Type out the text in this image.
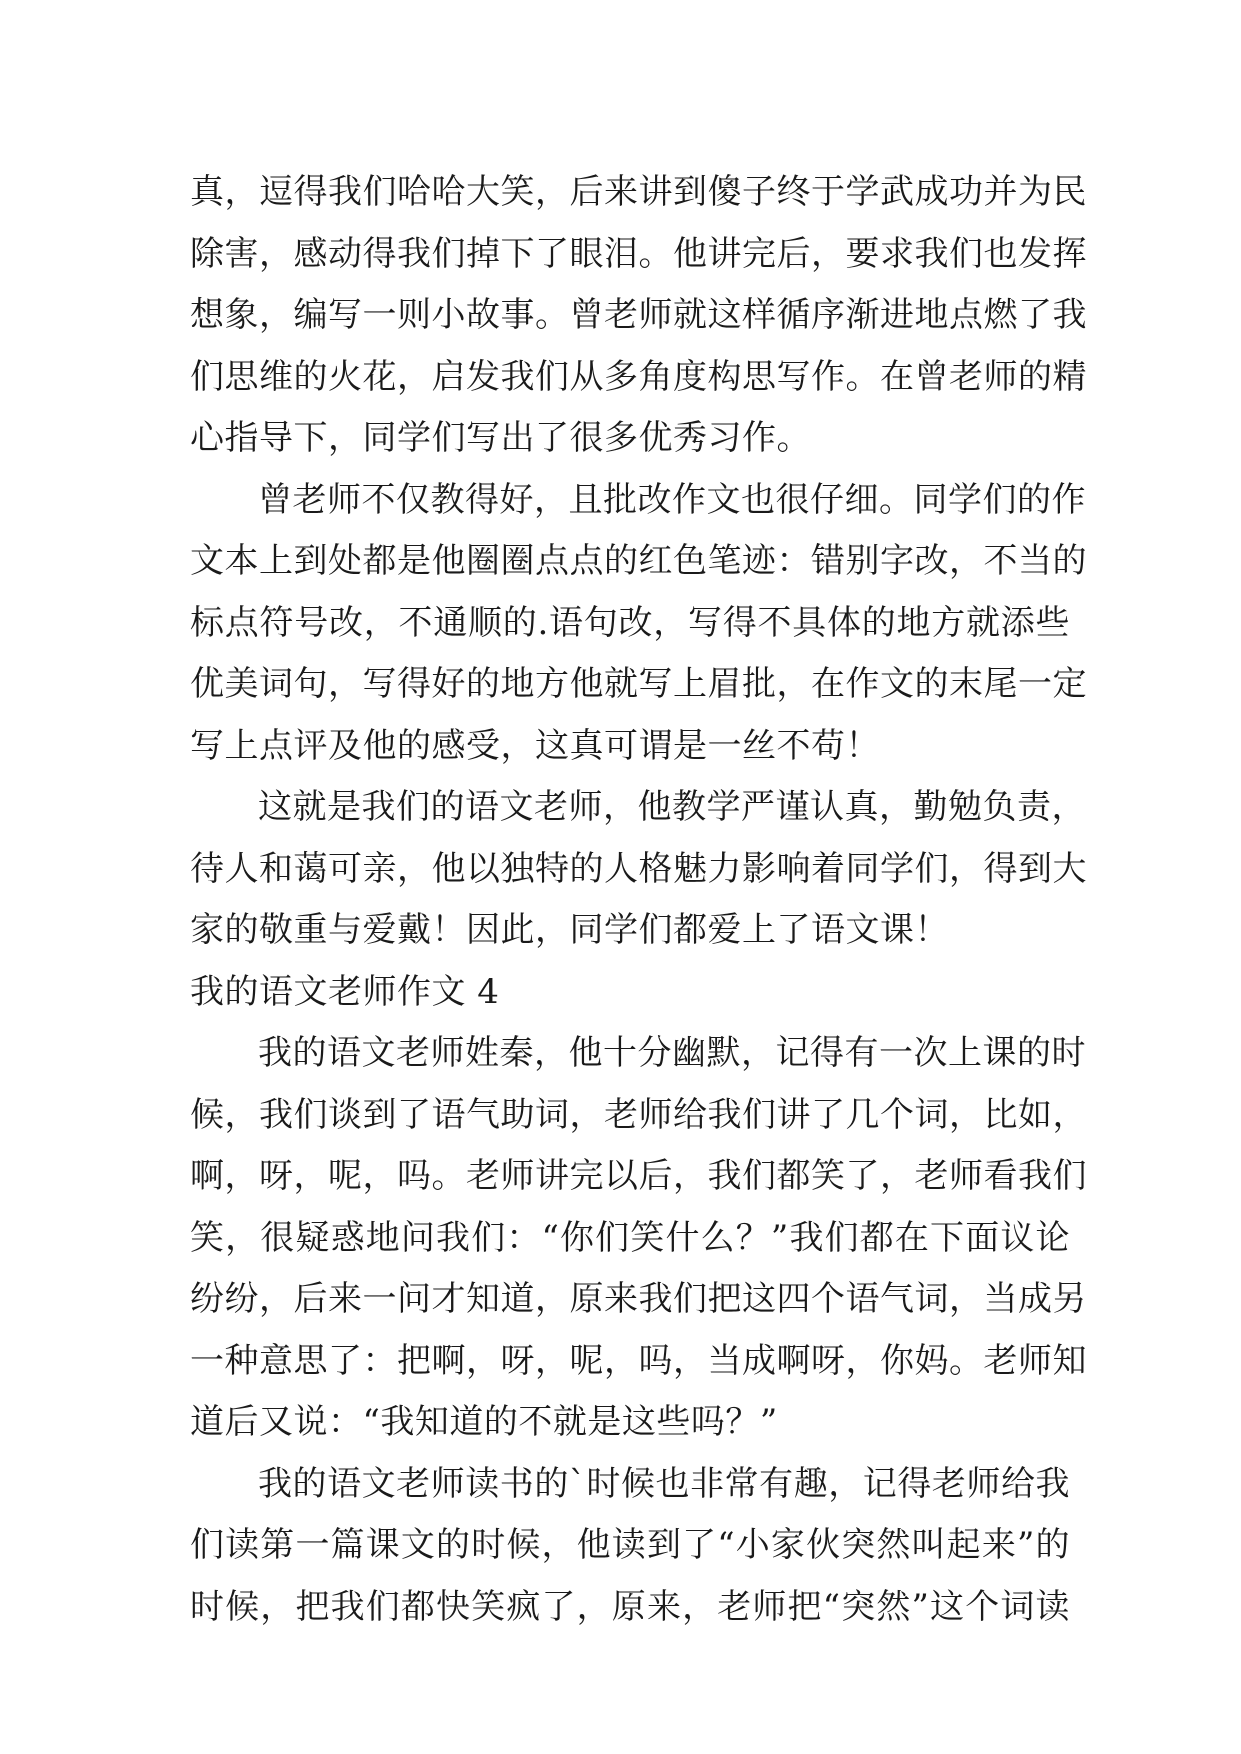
真，逗得我们哈哈大笑，后来讲到傻子终于学武成功并为民
除害，感动得我们掉下了眼泪。他讲完后，要求我们也发挥
想象，编写一则小故事。曾老师就这样循序渐进地点燃了我
们思维的火花，启发我们从多角度构思写作。在曾老师的精
心指导下，同学们写出了很多优秀习作。
曾老师不仅教得好，且批改作文也很仔细。同学们的作
文本上到处都是他圈圈点点的红色笔迹：错别字改，不当的
标点符号改，不通顺的.语句改，写得不具体的地方就添些
优美词句，写得好的地方他就写上眉批，在作文的末尾一定
写上点评及他的感受，这真可谓是一丝不苟！
这就是我们的语文老师，他教学严谨认真，勤勉负责，
待人和蔼可亲，他以独特的人格魅力影响着同学们，得到大
家的敬重与爱戴！因此，同学们都爱上了语文课！
我的语文老师作文 4
我的语文老师姓秦，他十分幽默，记得有一次上课的时
候，我们谈到了语气助词，老师给我们讲了几个词，比如，
啊，呀，呢，吗。老师讲完以后，我们都笑了，老师看我们
笑，很疑惑地问我们：“你们笑什么？”我们都在下面议论
纷纷，后来一问才知道，原来我们把这四个语气词，当成另
一种意思了：把啊，呀，呢，吗，当成啊呀，你妈。老师知
道后又说：“我知道的不就是这些吗？”
我的语文老师读书的`时候也非常有趣，记得老师给我
们读第一篇课文的时候，他读到了“小家伙突然叫起来”的
时候，把我们都快笑疯了，原来，老师把“突然”这个词读
